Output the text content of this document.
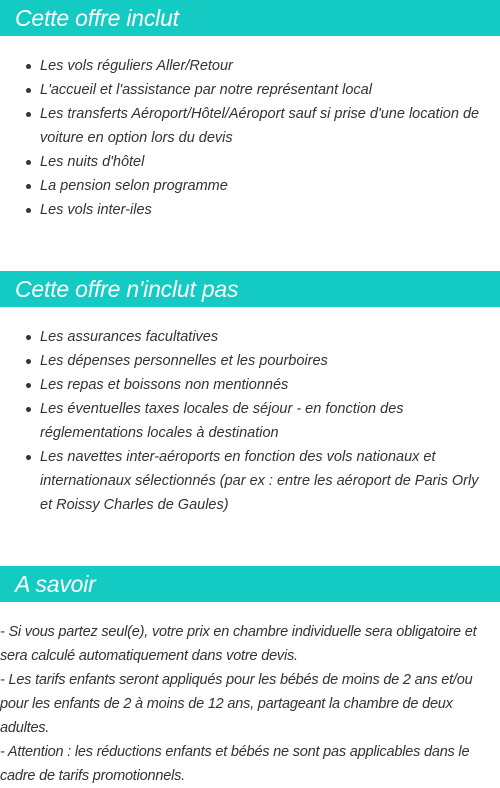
Cette offre inclut
Les vols réguliers Aller/Retour
L'accueil et l'assistance par notre représentant local
Les transferts Aéroport/Hôtel/Aéroport sauf si prise d'une location de voiture en option lors du devis
Les nuits d'hôtel
La pension selon programme
Les vols inter-iles
Cette offre n'inclut pas
Les assurances facultatives
Les dépenses personnelles et les pourboires
Les repas et boissons non mentionnés
Les éventuelles taxes locales de séjour - en fonction des réglementations locales à destination
Les navettes inter-aéroports en fonction des vols nationaux et internationaux sélectionnés (par ex : entre les aéroport de Paris Orly et Roissy Charles de Gaules)
A savoir

- Si vous partez seul(e), votre prix en chambre individuelle sera obligatoire et sera calculé automatiquement dans votre devis.

- Les tarifs enfants seront appliqués pour les bébés de moins de 2 ans et/ou pour les enfants de 2 à moins de 12 ans, partageant la chambre de deux adultes.

- Attention : les réductions enfants et bébés ne sont pas applicables dans le cadre de tarifs promotionnels.
